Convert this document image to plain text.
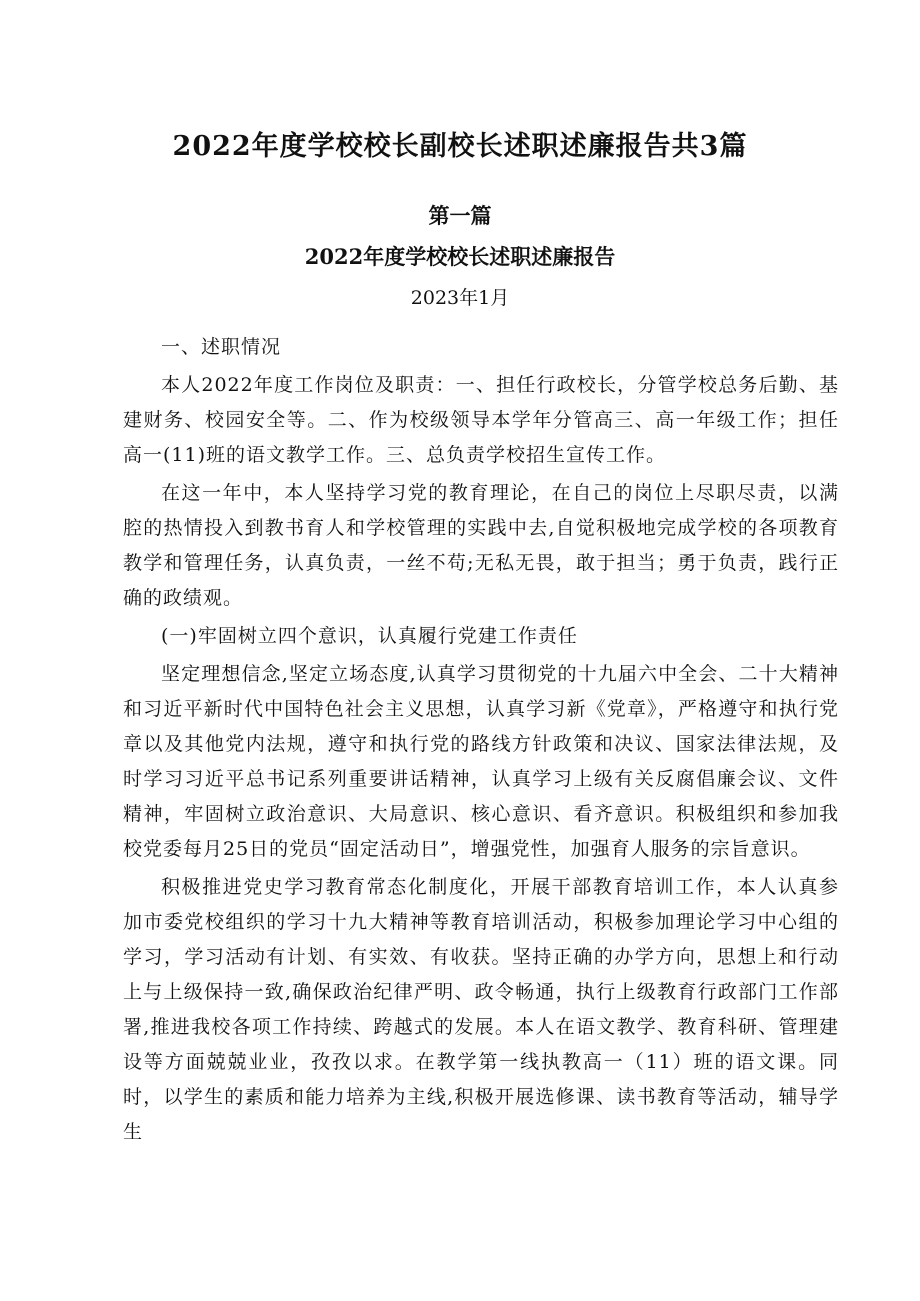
2022年度学校校长副校长述职述廉报告共3篇
第一篇
2022年度学校校长述职述廉报告
2023年1月

一、述职情况

本人2022年度工作岗位及职责：一、担任行政校长，分管学校总务后勤、基建财务、校园安全等。二、作为校级领导本学年分管高三、高一年级工作；担任高一(11)班的语文教学工作。三、总负责学校招生宣传工作。

在这一年中，本人坚持学习党的教育理论，在自己的岗位上尽职尽责，以满腔的热情投入到教书育人和学校管理的实践中去,自觉积极地完成学校的各项教育教学和管理任务，认真负责，一丝不苟;无私无畏，敢于担当；勇于负责，践行正确的政绩观。

(一)牢固树立四个意识，认真履行党建工作责任

坚定理想信念,坚定立场态度,认真学习贯彻党的十九届六中全会、二十大精神和习近平新时代中国特色社会主义思想，认真学习新《党章》，严格遵守和执行党章以及其他党内法规，遵守和执行党的路线方针政策和决议、国家法律法规，及时学习习近平总书记系列重要讲话精神，认真学习上级有关反腐倡廉会议、文件精神，牢固树立政治意识、大局意识、核心意识、看齐意识。积极组织和参加我校党委每月25日的党员“固定活动日”，增强党性，加强育人服务的宗旨意识。

积极推进党史学习教育常态化制度化，开展干部教育培训工作，本人认真参加市委党校组织的学习十九大精神等教育培训活动，积极参加理论学习中心组的学习，学习活动有计划、有实效、有收获。坚持正确的办学方向，思想上和行动上与上级保持一致,确保政治纪律严明、政令畅通，执行上级教育行政部门工作部署,推进我校各项工作持续、跨越式的发展。本人在语文教学、教育科研、管理建设等方面兢兢业业，孜孜以求。在教学第一线执教高一（11）班的语文课。同时，以学生的素质和能力培养为主线,积极开展选修课、读书教育等活动，辅导学生
